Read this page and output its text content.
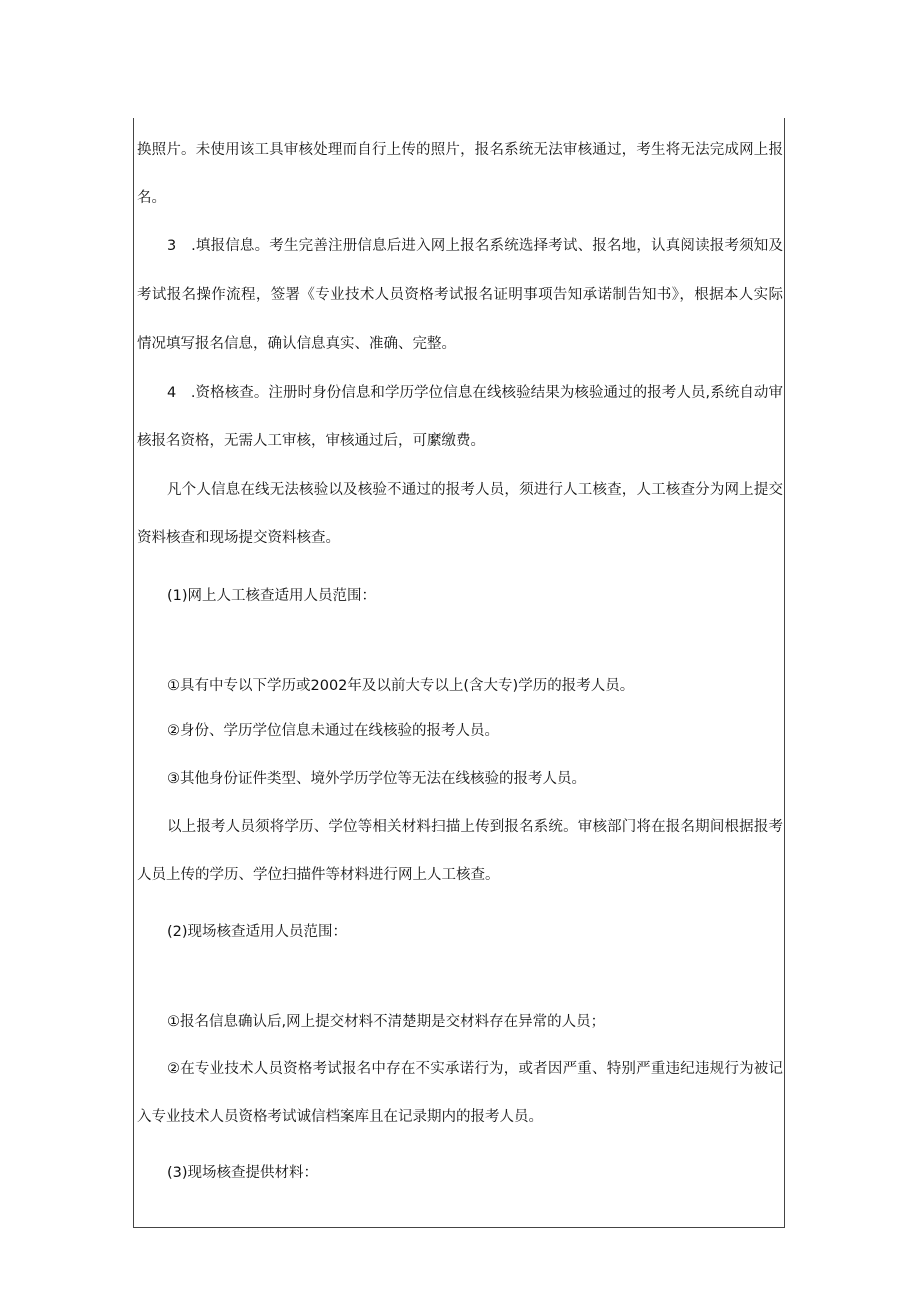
换照片。未使用该工具审核处理而自行上传的照片，报名系统无法审核通过，考生将无法完成网上报
名。
3　.填报信息。考生完善注册信息后进入网上报名系统选择考试、报名地，认真阅读报考须知及
考试报名操作流程，签署《专业技术人员资格考试报名证明事项告知承诺制告知书》，根据本人实际
情况填写报名信息，确认信息真实、准确、完整。
4　.资格核查。注册时身份信息和学历学位信息在线核验结果为核验通过的报考人员,系统自动审
核报名资格，无需人工审核，审核通过后，可縻缴费。
凡个人信息在线无法核验以及核验不通过的报考人员，须进行人工核查，人工核查分为网上提交
资料核查和现场提交资料核查。
(1)网上人工核查适用人员范围：
①具有中专以下学历或2002年及以前大专以上(含大专)学历的报考人员。
②身份、学历学位信息未通过在线核验的报考人员。
③其他身份证件类型、境外学历学位等无法在线核验的报考人员。
以上报考人员须将学历、学位等相关材料扫描上传到报名系统。审核部门将在报名期间根据报考
人员上传的学历、学位扫描件等材料进行网上人工核查。
(2)现场核查适用人员范围：
①报名信息确认后,网上提交材料不清楚期是交材料存在异常的人员；
②在专业技术人员资格考试报名中存在不实承诺行为，或者因严重、特别严重违纪违规行为被记
入专业技术人员资格考试诚信档案库且在记录期内的报考人员。
(3)现场核查提供材料：
